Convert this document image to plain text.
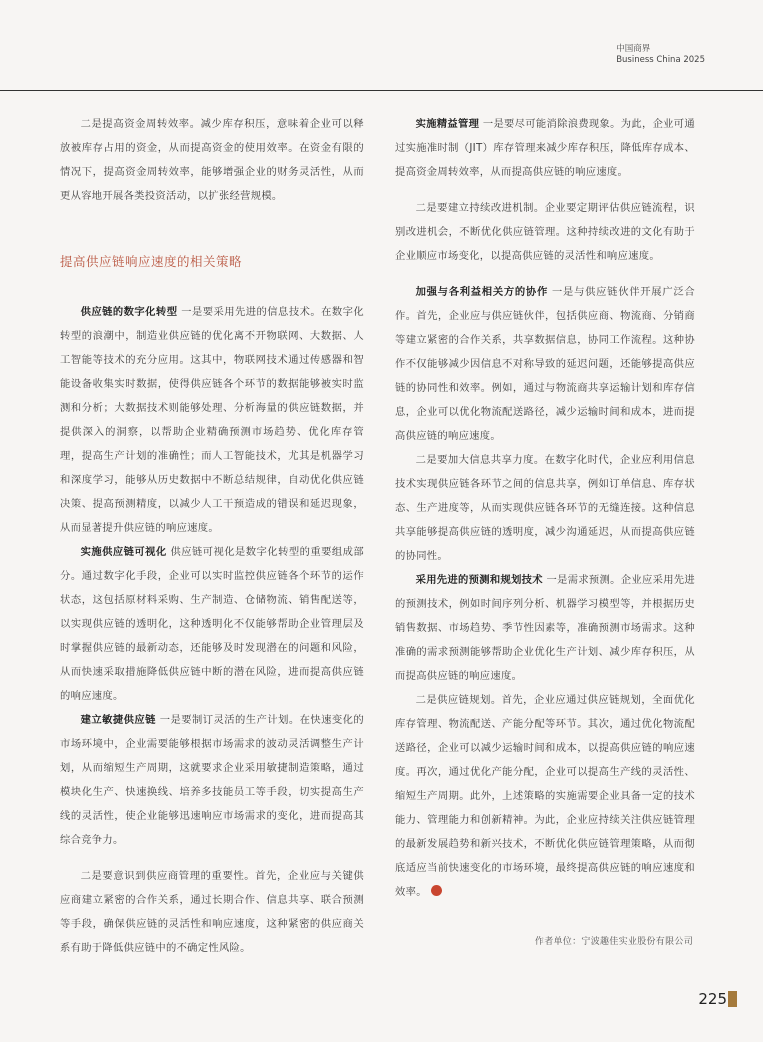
中国商界
Business China 2025

二是提高资金周转效率。减少库存积压，意味着企业可以释放被库存占用的资金，从而提高资金的使用效率。在资金有限的情况下，提高资金周转效率，能够增强企业的财务灵活性，从而更从容地开展各类投资活动，以扩张经营规模。

提高供应链响应速度的相关策略

供应链的数字化转型 一是要采用先进的信息技术。在数字化转型的浪潮中，制造业供应链的优化离不开物联网、大数据、人工智能等技术的充分应用。这其中，物联网技术通过传感器和智能设备收集实时数据，使得供应链各个环节的数据能够被实时监测和分析；大数据技术则能够处理、分析海量的供应链数据，并提供深入的洞察，以帮助企业精确预测市场趋势、优化库存管理，提高生产计划的准确性；而人工智能技术，尤其是机器学习和深度学习，能够从历史数据中不断总结规律，自动优化供应链决策、提高预测精度，以减少人工干预造成的错误和延迟现象，从而显著提升供应链的响应速度。

实施供应链可视化 供应链可视化是数字化转型的重要组成部分。通过数字化手段，企业可以实时监控供应链各个环节的运作状态，这包括原材料采购、生产制造、仓储物流、销售配送等，以实现供应链的透明化，这种透明化不仅能够帮助企业管理层及时掌握供应链的最新动态，还能够及时发现潜在的问题和风险，从而快速采取措施降低供应链中断的潜在风险，进而提高供应链的响应速度。

建立敏捷供应链 一是要制订灵活的生产计划。在快速变化的市场环境中，企业需要能够根据市场需求的波动灵活调整生产计划，从而缩短生产周期，这就要求企业采用敏捷制造策略，通过模块化生产、快速换线、培养多技能员工等手段，切实提高生产线的灵活性，使企业能够迅速响应市场需求的变化，进而提高其综合竞争力。

二是要意识到供应商管理的重要性。首先，企业应与关键供应商建立紧密的合作关系，通过长期合作、信息共享、联合预测等手段，确保供应链的灵活性和响应速度，这种紧密的供应商关系有助于降低供应链中的不确定性风险。

实施精益管理 一是要尽可能消除浪费现象。为此，企业可通过实施准时制（JIT）库存管理来减少库存积压，降低库存成本、提高资金周转效率，从而提高供应链的响应速度。

二是要建立持续改进机制。企业要定期评估供应链流程，识别改进机会，不断优化供应链管理。这种持续改进的文化有助于企业顺应市场变化，以提高供应链的灵活性和响应速度。

加强与各利益相关方的协作 一是与供应链伙伴开展广泛合作。首先，企业应与供应链伙伴，包括供应商、物流商、分销商等建立紧密的合作关系，共享数据信息，协同工作流程。这种协作不仅能够减少因信息不对称导致的延迟问题，还能够提高供应链的协同性和效率。例如，通过与物流商共享运输计划和库存信息，企业可以优化物流配送路径，减少运输时间和成本，进而提高供应链的响应速度。

二是要加大信息共享力度。在数字化时代，企业应利用信息技术实现供应链各环节之间的信息共享，例如订单信息、库存状态、生产进度等，从而实现供应链各环节的无缝连接。这种信息共享能够提高供应链的透明度，减少沟通延迟，从而提高供应链的协同性。

采用先进的预测和规划技术 一是需求预测。企业应采用先进的预测技术，例如时间序列分析、机器学习模型等，并根据历史销售数据、市场趋势、季节性因素等，准确预测市场需求。这种准确的需求预测能够帮助企业优化生产计划、减少库存积压，从而提高供应链的响应速度。

二是供应链规划。首先，企业应通过供应链规划，全面优化库存管理、物流配送、产能分配等环节。其次，通过优化物流配送路径，企业可以减少运输时间和成本，以提高供应链的响应速度。再次，通过优化产能分配，企业可以提高生产线的灵活性、缩短生产周期。此外，上述策略的实施需要企业具备一定的技术能力、管理能力和创新精神。为此，企业应持续关注供应链管理的最新发展趋势和新兴技术，不断优化供应链管理策略，从而彻底适应当前快速变化的市场环境，最终提高供应链的响应速度和效率。

作者单位：宁波趣佳实业股份有限公司
225
